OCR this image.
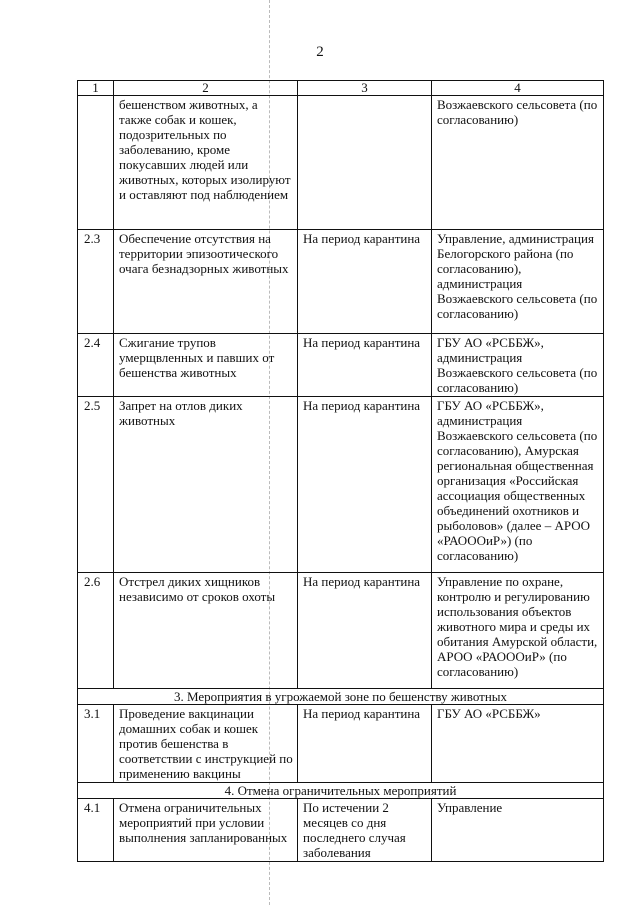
2
1	2	3	4
	бешенством животных, а также собак и кошек, подозрительных по заболеванию, кроме покусавших людей или животных, которых изолируют и оставляют под наблюдением		Возжаевского сельсовета (по согласованию)
2.3	Обеспечение отсутствия на территории эпизоотического очага безнадзорных животных	На период карантина	Управление, администрация Белогорского района (по согласованию), администрация Возжаевского сельсовета (по согласованию)
2.4	Сжигание трупов умерщвленных и павших от бешенства животных	На период карантина	ГБУ АО «РСББЖ», администрация Возжаевского сельсовета (по согласованию)
2.5	Запрет на отлов диких животных	На период карантина	ГБУ АО «РСББЖ», администрация Возжаевского сельсовета (по согласованию), Амурская региональная общественная организация «Российская ассоциация общественных объединений охотников и рыболовов» (далее – АРОО «РАОООиР») (по согласованию)
2.6	Отстрел диких хищников независимо от сроков охоты	На период карантина	Управление по охране, контролю и регулированию использования объектов животного мира и среды их обитания Амурской области, АРОО «РАОООиР» (по согласованию)
3. Мероприятия в угрожаемой зоне по бешенству животных			
3.1	Проведение вакцинации домашних собак и кошек против бешенства в соответствии с инструкцией по применению вакцины	На период карантина	ГБУ АО «РСББЖ»
4. Отмена ограничительных мероприятий			
4.1	Отмена ограничительных мероприятий при условии выполнения запланированных	По истечении 2 месяцев со дня последнего случая заболевания	Управление
